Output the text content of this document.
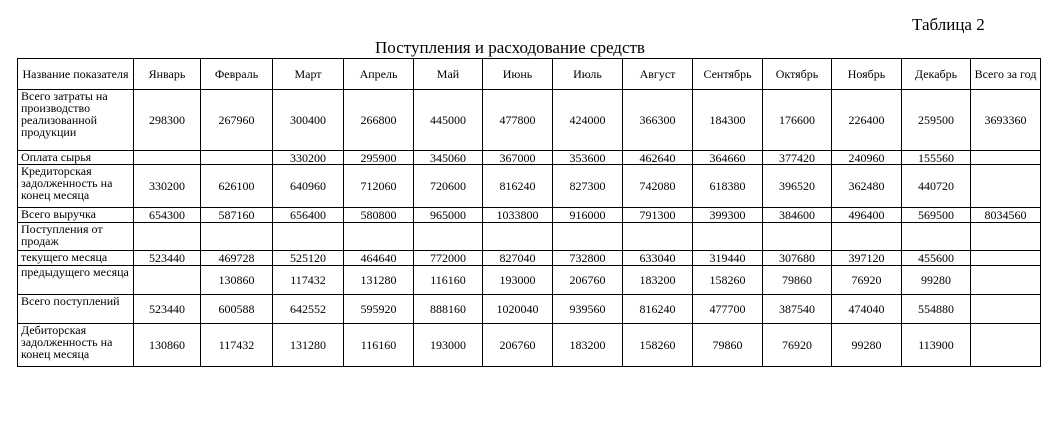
Таблица 2
Поступления и расходование средств
Название показателя	Январь	Февраль	Март	Апрель	Май	Июнь	Июль	Август	Сентябрь	Октябрь	Ноябрь	Декабрь	Всего за год
Всего затраты на производство реализованной продукции	298300	267960	300400	266800	445000	477800	424000	366300	184300	176600	226400	259500	3693360
Оплата сырья			330200	295900	345060	367000	353600	462640	364660	377420	240960	155560	
Кредиторская задолженность на конец месяца	330200	626100	640960	712060	720600	816240	827300	742080	618380	396520	362480	440720	
Всего выручка	654300	587160	656400	580800	965000	1033800	916000	791300	399300	384600	496400	569500	8034560
Поступления от продаж													
текущего месяца	523440	469728	525120	464640	772000	827040	732800	633040	319440	307680	397120	455600	
предыдущего месяца		130860	117432	131280	116160	193000	206760	183200	158260	79860	76920	99280	
Всего поступлений	523440	600588	642552	595920	888160	1020040	939560	816240	477700	387540	474040	554880	
Дебиторская задолженность на конец месяца	130860	117432	131280	116160	193000	206760	183200	158260	79860	76920	99280	113900	
